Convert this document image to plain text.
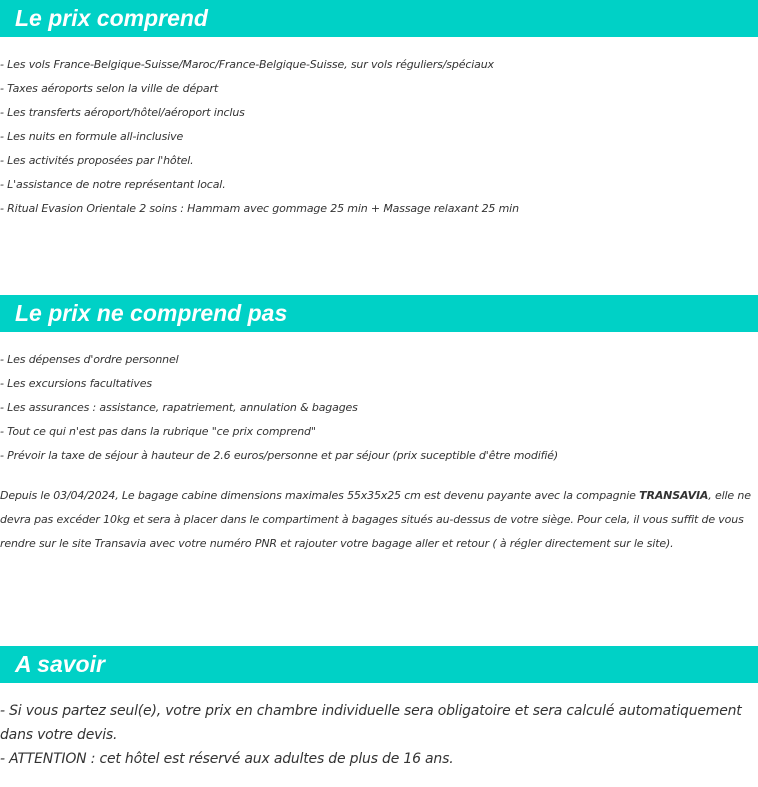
Le prix comprend
- Les vols France-Belgique-Suisse/Maroc/France-Belgique-Suisse, sur vols réguliers/spéciaux
- Taxes aéroports selon la ville de départ
- Les transferts aéroport/hôtel/aéroport inclus
- Les nuits en formule all-inclusive
- Les activités proposées par l'hôtel.
- L'assistance de notre représentant local.
- Ritual Evasion Orientale 2 soins : Hammam avec gommage 25 min + Massage relaxant 25 min
Le prix ne comprend pas
- Les dépenses d'ordre personnel
- Les excursions facultatives
- Les assurances : assistance, rapatriement, annulation & bagages
- Tout ce qui n'est pas dans la rubrique "ce prix comprend"
- Prévoir la taxe de séjour à hauteur de 2.6 euros/personne et par séjour (prix suceptible d'être modifié)
Depuis le 03/04/2024, Le bagage cabine dimensions maximales 55x35x25 cm est devenu payante avec la compagnie TRANSAVIA, elle ne devra pas excéder 10kg et sera à placer dans le compartiment à bagages situés au-dessus de votre siège. Pour cela, il vous suffit de vous rendre sur le site Transavia avec votre numéro PNR et rajouter votre bagage aller et retour ( à régler directement sur le site).
A savoir
- Si vous partez seul(e), votre prix en chambre individuelle sera obligatoire et sera calculé automatiquement dans votre devis.
- ATTENTION : cet hôtel est réservé aux adultes de plus de 16 ans.
